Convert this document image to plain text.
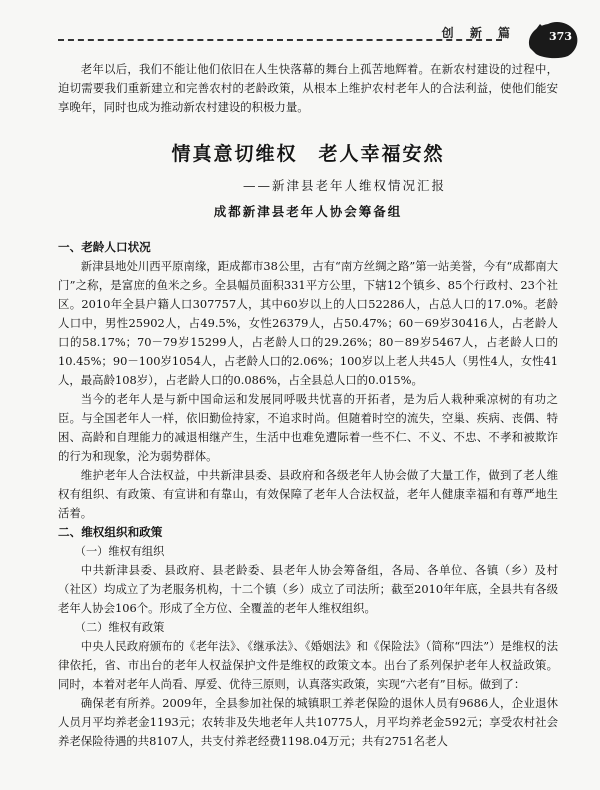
创 新 篇	373

老年以后，我们不能让他们依旧在人生快落幕的舞台上孤苦地辉着。在新农村建设的过程中，迫切需要我们重新建立和完善农村的老龄政策，从根本上维护农村老年人的合法利益，使他们能安享晚年，同时也成为推动新农村建设的积极力量。

情真意切维权　老人幸福安然
——新津县老年人维权情况汇报
成都新津县老年人协会筹备组
一、老龄人口状况

新津县地处川西平原南缘，距成都市38公里，古有“南方丝绸之路”第一站美誉，今有“成都南大门”之称，是富庶的鱼米之乡。全县幅员面积331平方公里，下辖12个镇乡、85个行政村、23个社区。2010年全县户籍人口307757人，其中60岁以上的人口52286人，占总人口的17.0%。老龄人口中，男性25902人，占49.5%，女性26379人，占50.47%；60－69岁30416人，占老龄人口的58.17%；70－79岁15299人，占老龄人口的29.26%；80－89岁5467人，占老龄人口的10.45%；90－100岁1054人，占老龄人口的2.06%；100岁以上老人共45人（男性4人，女性41人，最高龄108岁），占老龄人口的0.086%，占全县总人口的0.015%。

当今的老年人是与新中国命运和发展同呼吸共忧喜的开拓者，是为后人栽种乘凉树的有功之臣。与全国老年人一样，依旧勤俭持家，不追求时尚。但随着时空的流失，空巢、疾病、丧偶、特困、高龄和自理能力的减退相继产生，生活中也难免遭际着一些不仁、不义、不忠、不孝和被欺诈的行为和现象，沦为弱势群体。

维护老年人合法权益，中共新津县委、县政府和各级老年人协会做了大量工作，做到了老人维权有组织、有政策、有宣讲和有靠山，有效保障了老年人合法权益，老年人健康幸福和有尊严地生活着。

二、维权组织和政策
（一）维权有组织

中共新津县委、县政府、县老龄委、县老年人协会筹备组，各局、各单位、各镇（乡）及村（社区）均成立了为老服务机构，十二个镇（乡）成立了司法所；截至2010年年底，全县共有各级老年人协会106个。形成了全方位、全覆盖的老年人维权组织。

（二）维权有政策

中央人民政府颁布的《老年法》、《继承法》、《婚姻法》和《保险法》（简称“四法”）是维权的法律依托，省、市出台的老年人权益保护文件是维权的政策文本。出台了系列保护老年人权益政策。同时，本着对老年人尚看、厚爱、优待三原则，认真落实政策，实现“六老有”目标。做到了：

确保老有所养。2009年，全县参加社保的城镇职工养老保险的退休人员有9686人，企业退休人员月平均养老金1193元；农转非及失地老年人共10775人，月平均养老金592元；享受农村社会养老保险待遇的共8107人，共支付养老经费1198.04万元；共有2751名老人
